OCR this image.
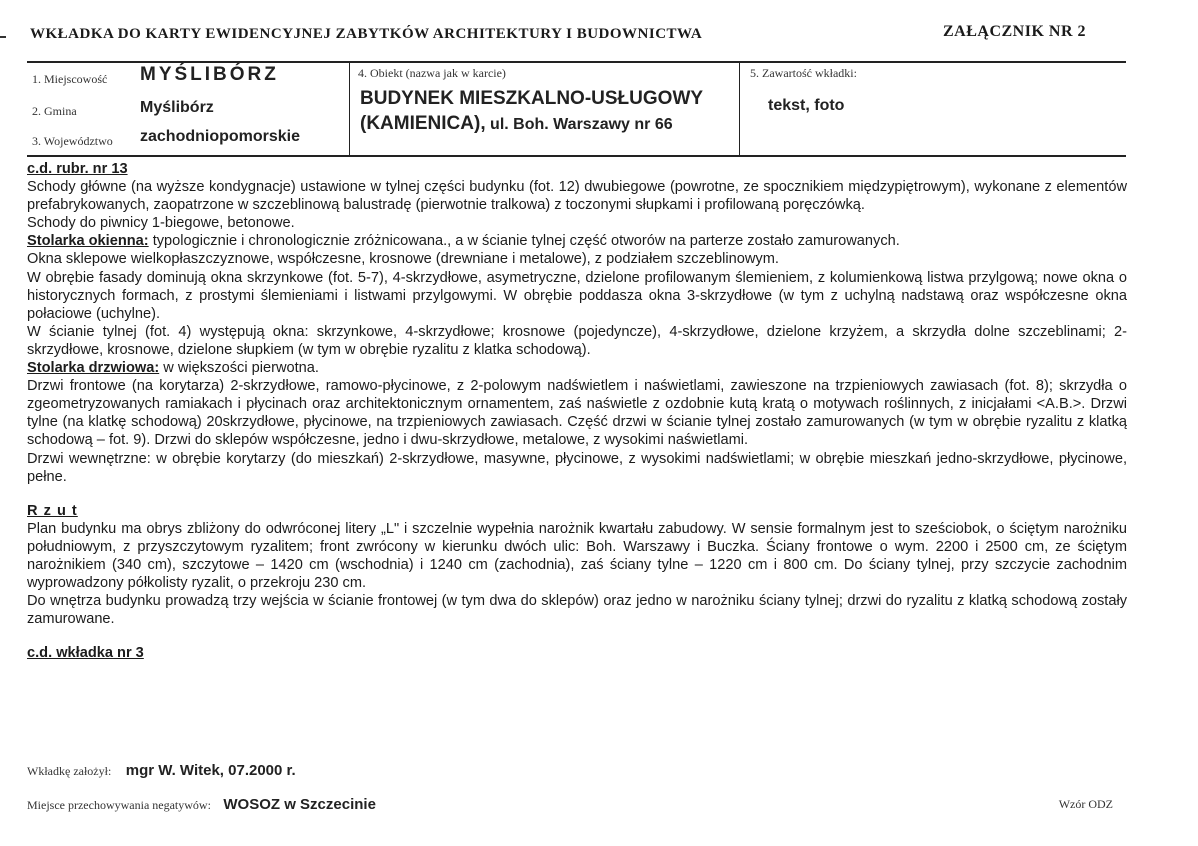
WKŁADKA DO KARTY EWIDENCYJNEJ ZABYTKÓW ARCHITEKTURY I BUDOWNICTWA	ZAŁĄCZNIK NR 2
1. Miejscowość MYŚLIBÓRZ
2. Gmina	Myślibórz
3. Województwo zachodniopomorskie
4. Obiekt (nazwa jak w karcie)
BUDYNEK MIESZKALNO-USŁUGOWY
(KAMIENICA), ul. Boh. Warszawy nr 66
5. Zawartość wkładki:
tekst, foto

c.d. rubr. nr 13

Schody główne (na wyższe kondygnacje) ustawione w tylnej części budynku (fot. 12) dwubiegowe (powrotne, ze spocznikiem międzypiętrowym), wykonane z elementów prefabrykowanych, zaopatrzone w szczeblinową balustradę (pierwotnie tralkowa) z toczonymi słupkami i profilowaną poręczówką.

Schody do piwnicy 1-biegowe, betonowe.

Stolarka okienna: typologicznie i chronologicznie zróżnicowana., a w ścianie tylnej część otworów na parterze zostało zamurowanych.

Okna sklepowe wielkopłaszczyznowe, współczesne, krosnowe (drewniane i metalowe), z podziałem szczeblinowym.

W obrębie fasady dominują okna skrzynkowe (fot. 5-7), 4-skrzydłowe, asymetryczne, dzielone profilowanym ślemieniem, z kolumienkową listwa przylgową; nowe okna o historycznych formach, z prostymi ślemieniami i listwami przylgowymi. W obrębie poddasza okna 3-skrzydłowe (w tym z uchylną nadstawą oraz współczesne okna połaciowe (uchylne).

W ścianie tylnej (fot. 4) występują okna: skrzynkowe, 4-skrzydłowe; krosnowe (pojedyncze), 4-skrzydłowe, dzielone krzyżem, a skrzydła dolne szczeblinami; 2-skrzydłowe, krosnowe, dzielone słupkiem (w tym w obrębie ryzalitu z klatka schodową).

Stolarka drzwiowa: w większości pierwotna.

Drzwi frontowe (na korytarza) 2-skrzydłowe, ramowo-płycinowe, z 2-polowym nadświetlem i naświetlami, zawieszone na trzpieniowych zawiasach (fot. 8); skrzydła o zgeometryzowanych ramiakach i płycinach oraz architektonicznym ornamentem, zaś naświetle z ozdobnie kutą kratą o motywach roślinnych, z inicjałami <A.B.>. Drzwi tylne (na klatkę schodową) 20skrzydłowe, płycinowe, na trzpieniowych zawiasach. Część drzwi w ścianie tylnej zostało zamurowanych (w tym w obrębie ryzalitu z klatką schodową – fot. 9). Drzwi do sklepów współczesne, jedno i dwu-skrzydłowe, metalowe, z wysokimi naświetlami.

Drzwi wewnętrzne: w obrębie korytarzy (do mieszkań) 2-skrzydłowe, masywne, płycinowe, z wysokimi nadświetlami; w obrębie mieszkań jedno-skrzydłowe, płycinowe, pełne.

R z u t

Plan budynku ma obrys zbliżony do odwróconej litery „L" i szczelnie wypełnia narożnik kwartału zabudowy. W sensie formalnym jest to sześciobok, o ściętym narożniku południowym, z przyszczytowym ryzalitem; front zwrócony w kierunku dwóch ulic: Boh. Warszawy i Buczka. Ściany frontowe o wym. 2200 i 2500 cm, ze ściętym narożnikiem (340 cm), szczytowe – 1420 cm (wschodnia) i 1240 cm (zachodnia), zaś ściany tylne – 1220 cm i 800 cm. Do ściany tylnej, przy szczycie zachodnim wyprowadzony półkolisty ryzalit, o przekroju 230 cm.

Do wnętrza budynku prowadzą trzy wejścia w ścianie frontowej (w tym dwa do sklepów) oraz jedno w narożniku ściany tylnej; drzwi do ryzalitu z klatką schodową zostały zamurowane.

c.d. wkładka nr 3

Wkładkę założył: mgr W. Witek, 07.2000 r.
Miejsce przechowywania negatywów: WOSOZ w Szczecinie	Wzór ODZ
